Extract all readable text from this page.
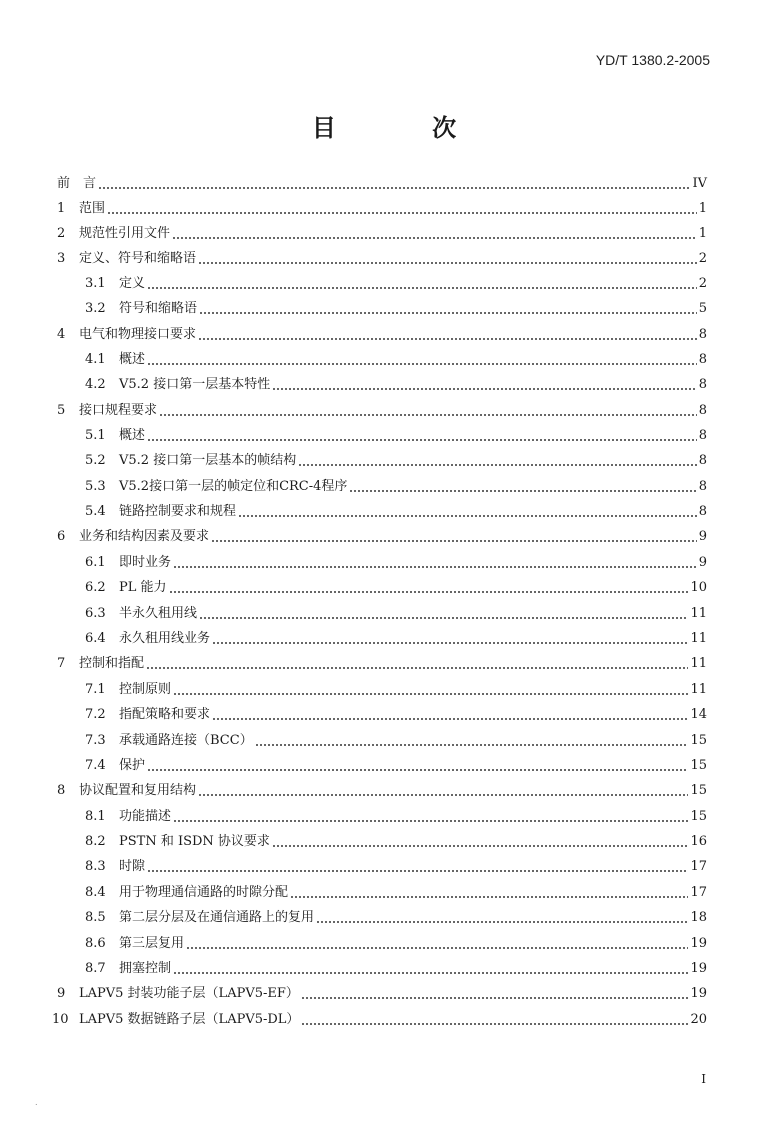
YD/T 1380.2-2005
目 次
前　言	IV
1	范围	1
2	规范性引用文件	1
3	定义、符号和缩略语	2
3.1	定义	2
3.2	符号和缩略语	5
4	电气和物理接口要求	8
4.1	概述	8
4.2	V5.2 接口第一层基本特性	8
5	接口规程要求	8
5.1	概述	8
5.2	V5.2 接口第一层基本的帧结构	8
5.3	V5.2接口第一层的帧定位和CRC-4程序	8
5.4	链路控制要求和规程	8
6	业务和结构因素及要求	9
6.1	即时业务	9
6.2	PL 能力	10
6.3	半永久租用线	11
6.4	永久租用线业务	11
7	控制和指配	11
7.1	控制原则	11
7.2	指配策略和要求	14
7.3	承载通路连接（BCC）	15
7.4	保护	15
8	协议配置和复用结构	15
8.1	功能描述	15
8.2	PSTN 和 ISDN 协议要求	16
8.3	时隙	17
8.4	用于物理通信通路的时隙分配	17
8.5	第二层分层及在通信通路上的复用	18
8.6	第三层复用	19
8.7	拥塞控制	19
9	LAPV5 封装功能子层（LAPV5-EF）	19
10 LAPV5 数据链路子层（LAPV5-DL）	20
I
.
